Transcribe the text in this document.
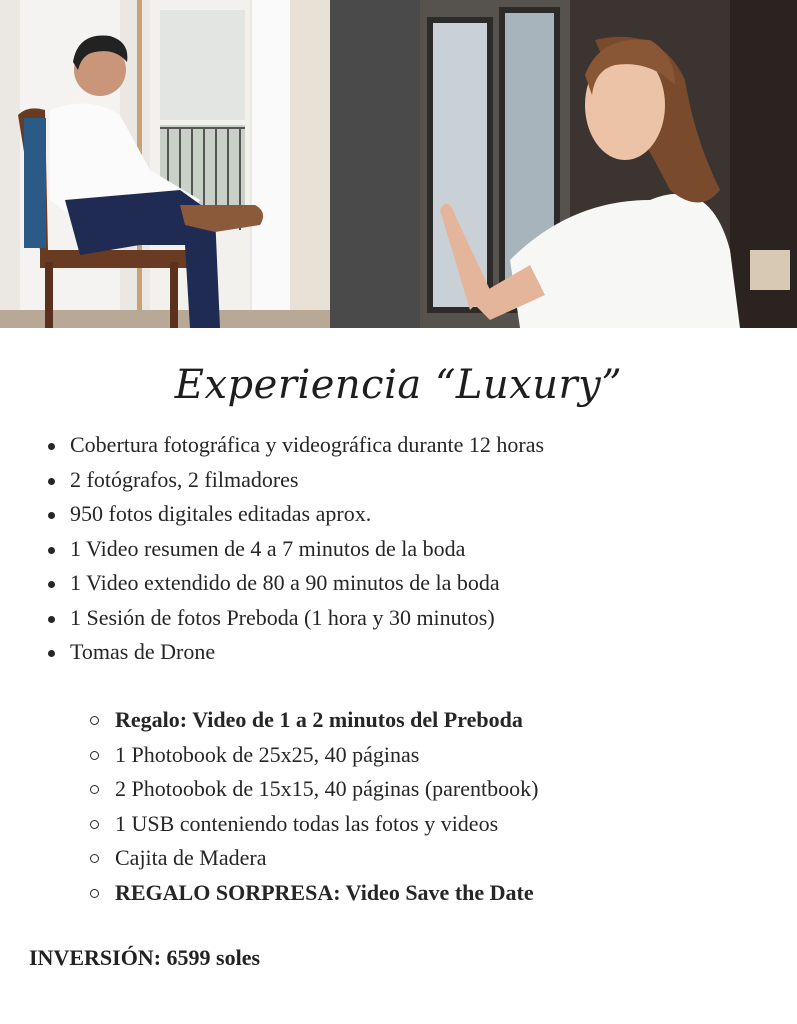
Experiencia “Luxury”
Cobertura fotográfica y videográfica durante 12 horas
2 fotógrafos, 2 filmadores
950 fotos digitales editadas aprox.
1 Video resumen de 4 a 7 minutos de la boda
1 Video extendido de 80 a 90 minutos de la boda
1 Sesión de fotos Preboda (1 hora y 30 minutos)
Tomas de Drone
Regalo: Video de 1 a 2 minutos del Preboda
1 Photobook de 25x25, 40 páginas
2 Photoobok de 15x15, 40 páginas (parentbook)
1 USB conteniendo todas las fotos y videos
Cajita de Madera
REGALO SORPRESA: Video Save the Date
INVERSIÓN: 6599 soles
